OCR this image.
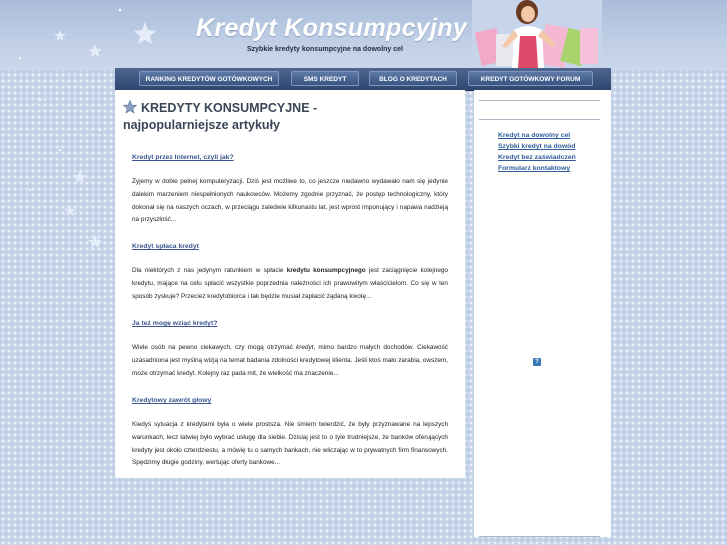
Kredyt Konsumpcyjny
Szybkie kredyty konsumpcyjne na dowolny cel
RANKING KREDYTÓW GOTÓWKOWYCH	SMS KREDYT	BLOG O KREDYTACH	KREDYT GOTÓWKOWY FORUM
KREDYTY KONSUMPCYJNE - najpopularniejsze artykuły
Kredyt przez Internet, czyli jak?
Żyjemy w dobie pełnej komputeryzacji. Dziś jest możliwe to, co jeszcze niedawno wydawało nam się jedynie dalekim marzeniem niespełnionych naukowców. Możemy zgodnie przyznać, że postęp technologiczny, który dokonał się na naszych oczach, w przeciągu zaledwie kilkunastu lat, jest wprost imponujący i napawa nadzieją na przyszłość...
Kredyt spłaca kredyt
Dla niektórych z nas jedynym ratunkiem w spłacie kredytu konsumpcyjnego jest zaciągnięcie kolejnego kredytu, mające na celu spłacić wszystkie poprzednia należności ich prawowitym właścicielom. Co się w ten sposób zyskuje? Przecież kredytobiorca i tak będzie musiał zapłacić żądaną kwotę...
Ja też mogę wziąć kredyt?
Wiele osób na pewno ciekawych, czy mogą otrzymać kredyt, mimo bardzo małych dochodów. Ciekawość uzasadniona jest myślną wizją na temat badania zdolności kredytowej klienta. Jeśli ktoś mało zarabia, owszem, może otrzymać kredyt. Kolejny raz pada mit, że wielkość ma znaczenie...
Kredytowy zawrót głowy
Kiedyś sytuacja z kredytami była o wiele prostsza. Nie śmiem twierdzić, że były przyznawane na lepszych warunkach, lecz łatwiej było wybrać usługę dla siebie. Dzisiaj jest to o tyle trudniejsze, że banków oferujących kredyty jest około czterdziestu, a mówię tu o samych bankach, nie wliczając w to prywatnych firm finansowych. Spędzimy długie godziny, wertując oferty bankowe...
Kredyt na dowolny cel
Szybki kredyt na dowód
Kredyt bez zaświadczeń
Formularz kontaktowy
?
